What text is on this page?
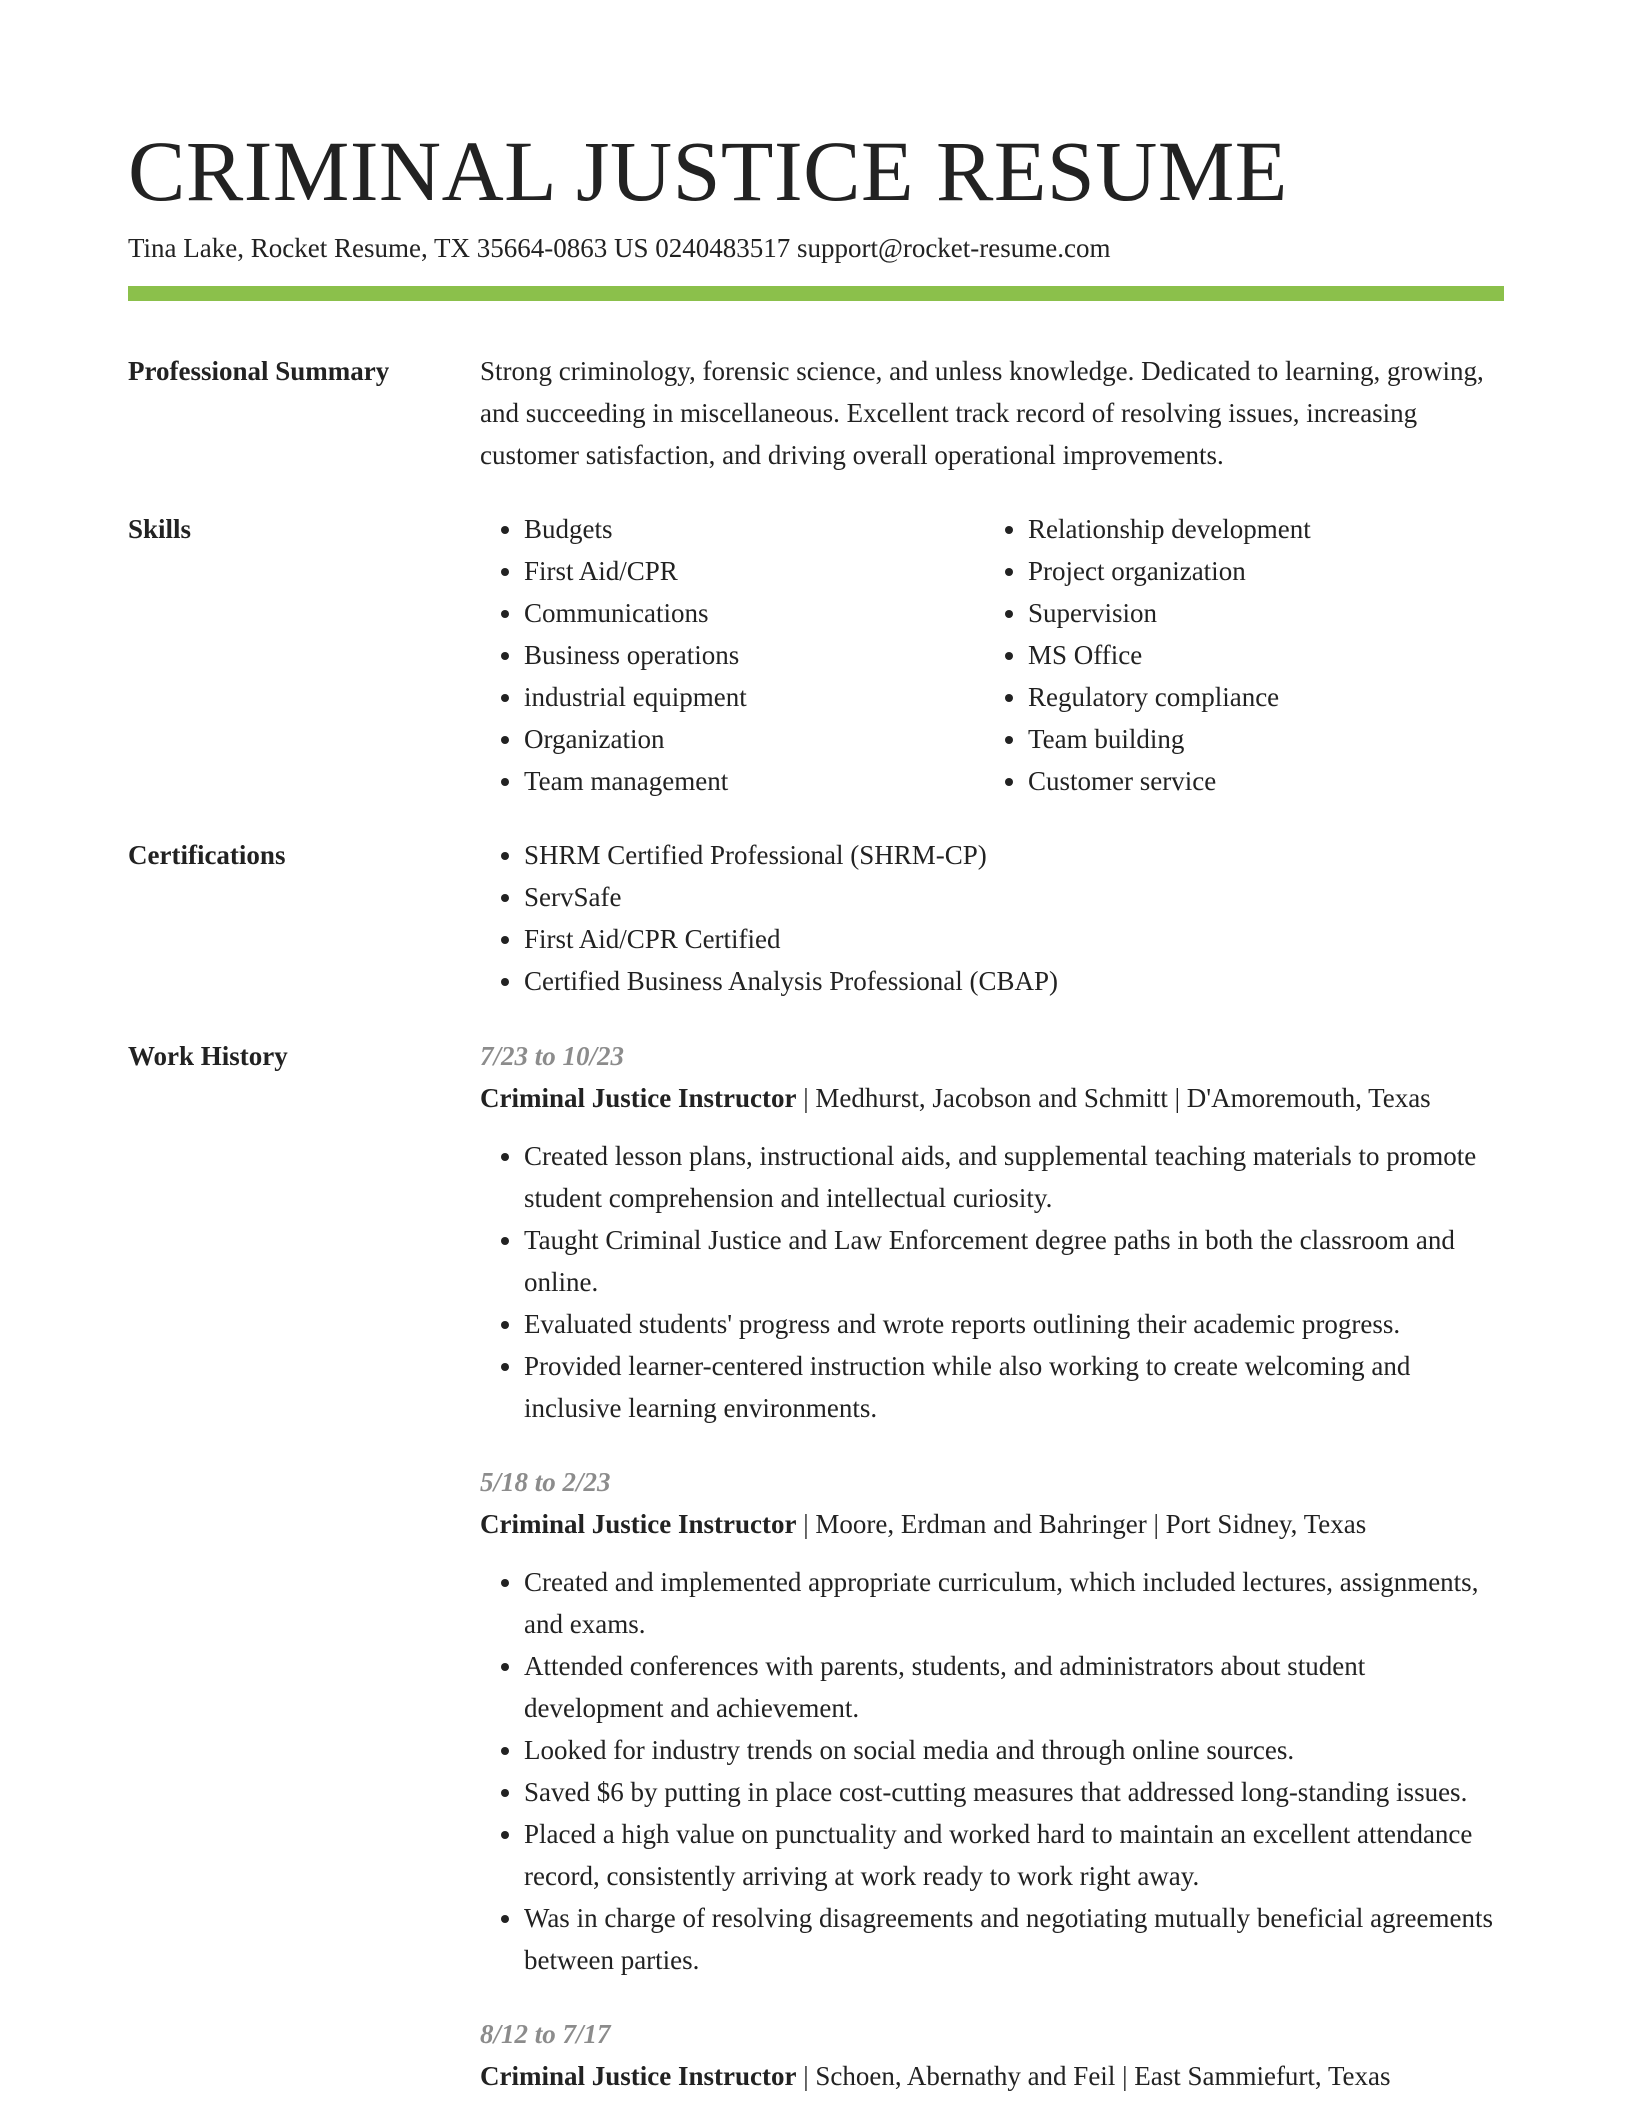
CRIMINAL JUSTICE RESUME
Tina Lake, Rocket Resume, TX 35664-0863 US 0240483517 support@rocket-resume.com
Professional Summary	Strong criminology, forensic science, and unless knowledge. Dedicated to learning, growing, and succeeding in miscellaneous. Excellent track record of resolving issues, increasing customer satisfaction, and driving overall operational improvements.

Skills	• Budgets
• First Aid/CPR
• Communications
• Business operations
• industrial equipment
• Organization
• Team management
• Relationship development
• Project organization
• Supervision
• MS Office
• Regulatory compliance
• Team building
• Customer service
Certifications	• SHRM Certified Professional (SHRM-CP)
• ServSafe
• First Aid/CPR Certified
• Certified Business Analysis Professional (CBAP)
Work History	7/23 to 10/23
Criminal Justice Instructor | Medhurst, Jacobson and Schmitt | D'Amoremouth, Texas
• Created lesson plans, instructional aids, and supplemental teaching materials to promote student comprehension and intellectual curiosity.
• Taught Criminal Justice and Law Enforcement degree paths in both the classroom and online.
• Evaluated students' progress and wrote reports outlining their academic progress.
• Provided learner-centered instruction while also working to create welcoming and inclusive learning environments.
5/18 to 2/23
Criminal Justice Instructor | Moore, Erdman and Bahringer | Port Sidney, Texas
• Created and implemented appropriate curriculum, which included lectures, assignments, and exams.
• Attended conferences with parents, students, and administrators about student development and achievement.
• Looked for industry trends on social media and through online sources.
• Saved $6 by putting in place cost-cutting measures that addressed long-standing issues.
• Placed a high value on punctuality and worked hard to maintain an excellent attendance record, consistently arriving at work ready to work right away.
• Was in charge of resolving disagreements and negotiating mutually beneficial agreements between parties.
8/12 to 7/17
Criminal Justice Instructor | Schoen, Abernathy and Feil | East Sammiefurt, Texas
